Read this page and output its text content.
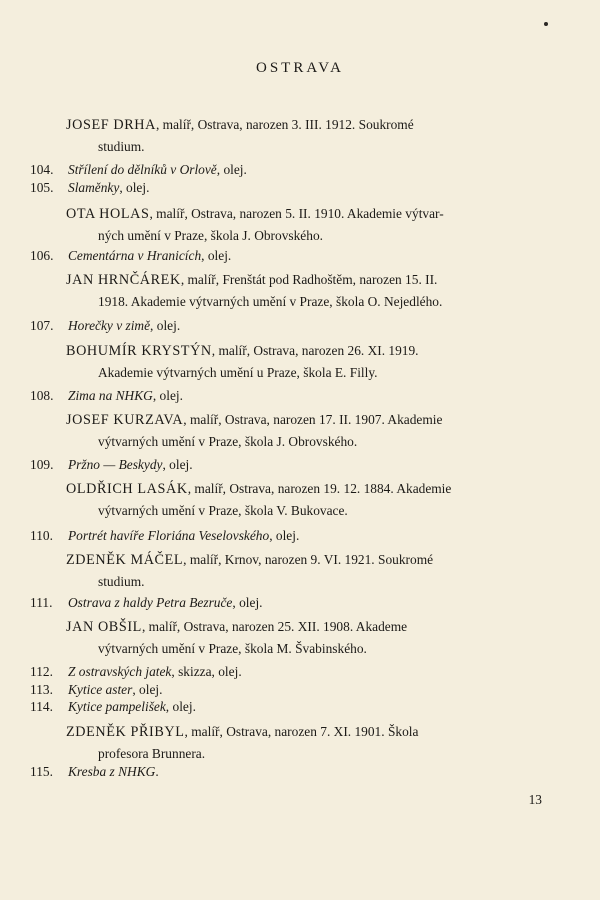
OSTRAVA
JOSEF DRHA, malíř, Ostrava, narozen 3. III. 1912. Soukromé
studium.
104. Střílení do dělníků v Orlově, olej.
105. Slaměnky, olej.
OTA HOLAS, malíř, Ostrava, narozen 5. II. 1910. Akademie výtvar-
ných umění v Praze, škola J. Obrovského.
106. Cementárna v Hranicích, olej.
JAN HRNČÁREK, malíř, Frenštát pod Radhoštěm, narozen 15. II.
1918. Akademie výtvarných umění v Praze, škola O. Nejedlého.
107. Horečky v zimě, olej.
BOHUMÍR KRYSTÝN, malíř, Ostrava, narozen 26. XI. 1919.
Akademie výtvarných umění u Praze, škola E. Filly.
108. Zima na NHKG, olej.
JOSEF KURZAVA, malíř, Ostrava, narozen 17. II. 1907. Akademie
výtvarných umění v Praze, škola J. Obrovského.
109. Pržno — Beskydy, olej.
OLDŘICH LASÁK, malíř, Ostrava, narozen 19. 12. 1884. Akademie
výtvarných umění v Praze, škola V. Bukovace.
110. Portrét havíře Floriána Veselovského, olej.
ZDENĚK MÁČEL, malíř, Krnov, narozen 9. VI. 1921. Soukromé
studium.
111. Ostrava z haldy Petra Bezruče, olej.
JAN OBŠIL, malíř, Ostrava, narozen 25. XII. 1908. Akademe
výtvarných umění v Praze, škola M. Švabinského.
112. Z ostravských jatek, skizza, olej.
113. Kytice aster, olej.
114. Kytice pampelišek, olej.
ZDENĚK PŘIBYL, malíř, Ostrava, narozen 7. XI. 1901. Škola
profesora Brunnera.
115. Kresba z NHKG.
13
